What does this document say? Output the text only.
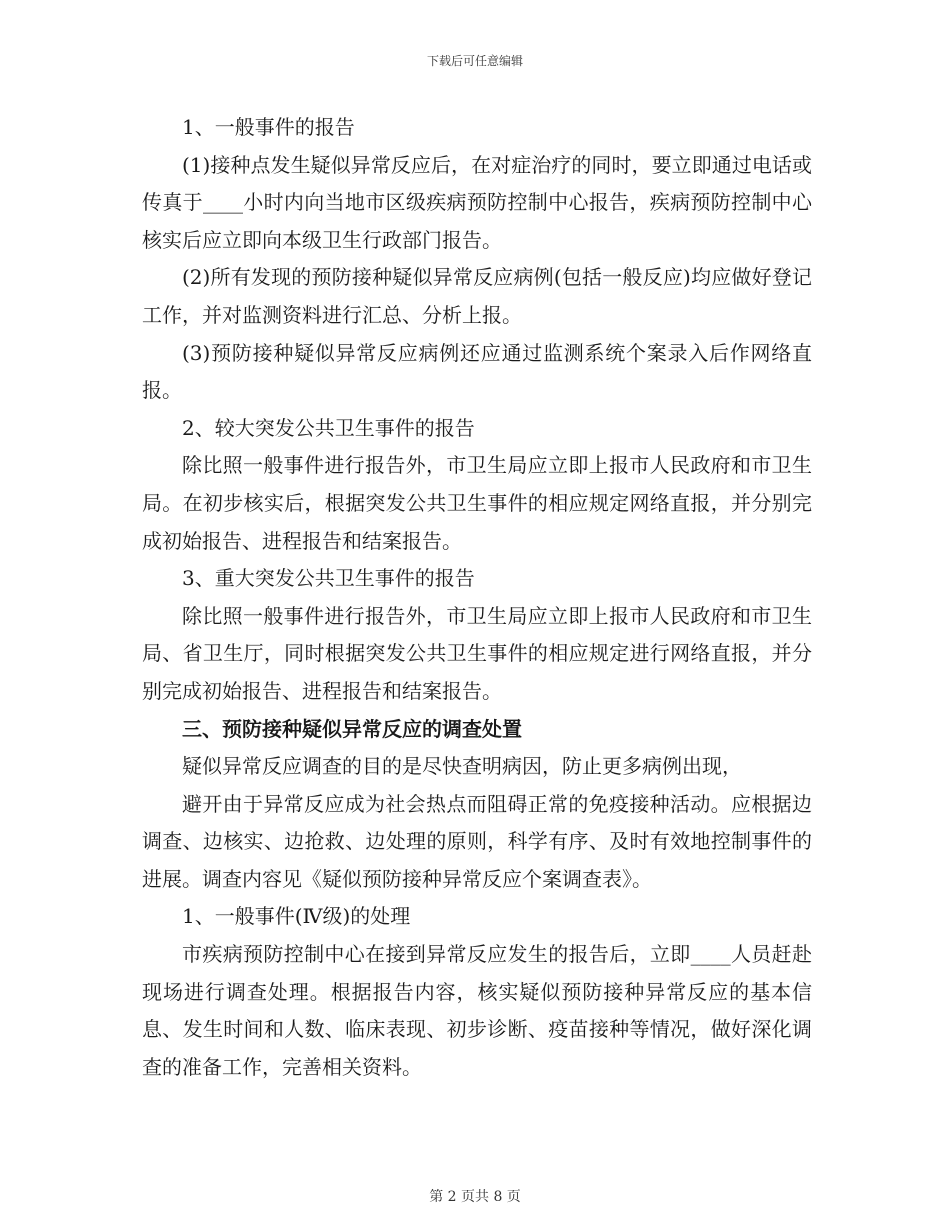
下载后可任意编辑

1、一般事件的报告

(1)接种点发生疑似异常反应后，在对症治疗的同时，要立即通过电话或传真于____小时内向当地市区级疾病预防控制中心报告，疾病预防控制中心核实后应立即向本级卫生行政部门报告。

(2)所有发现的预防接种疑似异常反应病例(包括一般反应)均应做好登记工作，并对监测资料进行汇总、分析上报。

(3)预防接种疑似异常反应病例还应通过监测系统个案录入后作网络直报。

2、较大突发公共卫生事件的报告

除比照一般事件进行报告外，市卫生局应立即上报市人民政府和市卫生局。在初步核实后，根据突发公共卫生事件的相应规定网络直报，并分别完成初始报告、进程报告和结案报告。

3、重大突发公共卫生事件的报告

除比照一般事件进行报告外，市卫生局应立即上报市人民政府和市卫生局、省卫生厅，同时根据突发公共卫生事件的相应规定进行网络直报，并分别完成初始报告、进程报告和结案报告。

三、预防接种疑似异常反应的调查处置

疑似异常反应调查的目的是尽快查明病因，防止更多病例出现，

避开由于异常反应成为社会热点而阻碍正常的免疫接种活动。应根据边调查、边核实、边抢救、边处理的原则，科学有序、及时有效地控制事件的进展。调查内容见《疑似预防接种异常反应个案调查表》。

1、一般事件(Ⅳ级)的处理

市疾病预防控制中心在接到异常反应发生的报告后，立即____人员赶赴现场进行调查处理。根据报告内容，核实疑似预防接种异常反应的基本信息、发生时间和人数、临床表现、初步诊断、疫苗接种等情况，做好深化调查的准备工作，完善相关资料。

第 2 页共 8 页
